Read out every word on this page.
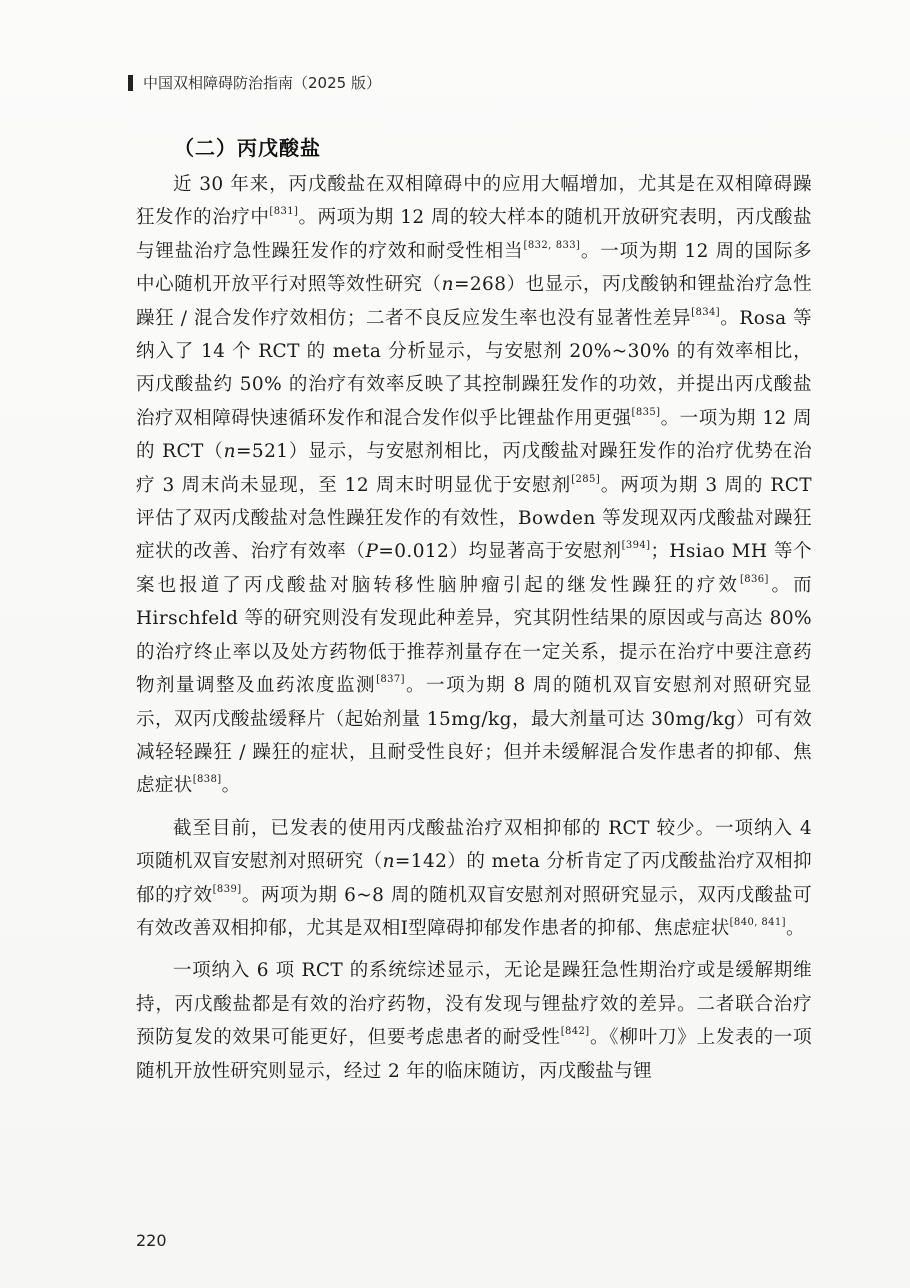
中国双相障碍防治指南（2025 版）
（二）丙戊酸盐

近 30 年来，丙戊酸盐在双相障碍中的应用大幅增加，尤其是在双相障碍躁狂发作的治疗中[831]。两项为期 12 周的较大样本的随机开放研究表明，丙戊酸盐与锂盐治疗急性躁狂发作的疗效和耐受性相当[832, 833]。一项为期 12 周的国际多中心随机开放平行对照等效性研究（n=268）也显示，丙戊酸钠和锂盐治疗急性躁狂 / 混合发作疗效相仿；二者不良反应发生率也没有显著性差异[834]。Rosa 等纳入了 14 个 RCT 的 meta 分析显示，与安慰剂 20%~30% 的有效率相比，丙戊酸盐约 50% 的治疗有效率反映了其控制躁狂发作的功效，并提出丙戊酸盐治疗双相障碍快速循环发作和混合发作似乎比锂盐作用更强[835]。一项为期 12 周的 RCT（n=521）显示，与安慰剂相比，丙戊酸盐对躁狂发作的治疗优势在治疗 3 周末尚未显现，至 12 周末时明显优于安慰剂[285]。两项为期 3 周的 RCT 评估了双丙戊酸盐对急性躁狂发作的有效性，Bowden 等发现双丙戊酸盐对躁狂症状的改善、治疗有效率（P=0.012）均显著高于安慰剂[394]；Hsiao MH 等个案也报道了丙戊酸盐对脑转移性脑肿瘤引起的继发性躁狂的疗效[836]。而 Hirschfeld 等的研究则没有发现此种差异，究其阴性结果的原因或与高达 80% 的治疗终止率以及处方药物低于推荐剂量存在一定关系，提示在治疗中要注意药物剂量调整及血药浓度监测[837]。一项为期 8 周的随机双盲安慰剂对照研究显示，双丙戊酸盐缓释片（起始剂量 15mg/kg，最大剂量可达 30mg/kg）可有效减轻轻躁狂 / 躁狂的症状，且耐受性良好；但并未缓解混合发作患者的抑郁、焦虑症状[838]。

截至目前，已发表的使用丙戊酸盐治疗双相抑郁的 RCT 较少。一项纳入 4 项随机双盲安慰剂对照研究（n=142）的 meta 分析肯定了丙戊酸盐治疗双相抑郁的疗效[839]。两项为期 6~8 周的随机双盲安慰剂对照研究显示，双丙戊酸盐可有效改善双相抑郁，尤其是双相Ⅰ型障碍抑郁发作患者的抑郁、焦虑症状[840, 841]。

一项纳入 6 项 RCT 的系统综述显示，无论是躁狂急性期治疗或是缓解期维持，丙戊酸盐都是有效的治疗药物，没有发现与锂盐疗效的差异。二者联合治疗预防复发的效果可能更好，但要考虑患者的耐受性[842]。《柳叶刀》上发表的一项随机开放性研究则显示，经过 2 年的临床随访，丙戊酸盐与锂

220
